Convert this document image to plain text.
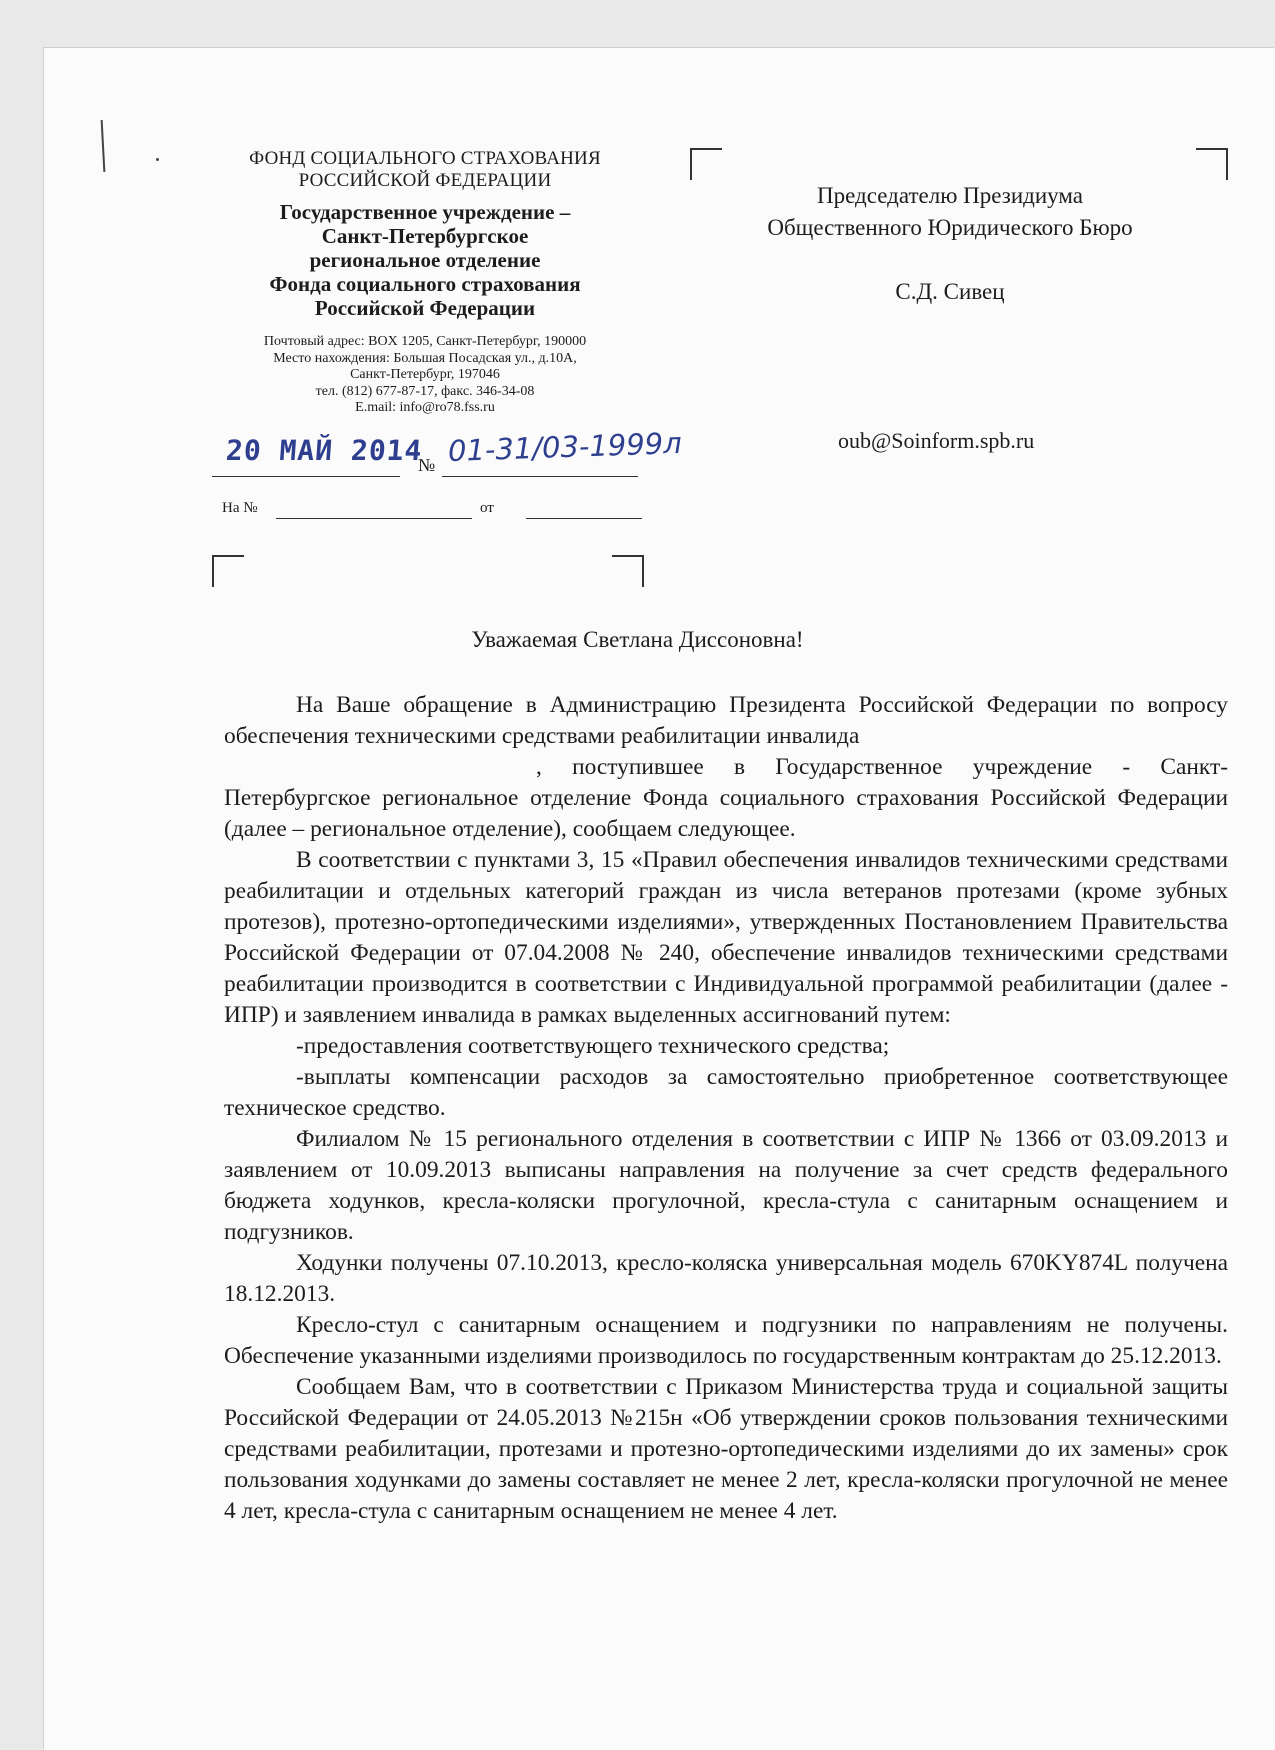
ФОНД СОЦИАЛЬНОГО СТРАХОВАНИЯ
РОССИЙСКОЙ ФЕДЕРАЦИИ
Государственное учреждение –
Санкт-Петербургское
региональное отделение
Фонда социального страхования
Российской Федерации
Почтовый адрес: BOX 1205, Санкт-Петербург, 190000
Место нахождения: Большая Посадская ул., д.10А,
Санкт-Петербург, 197046
тел. (812) 677-87-17, факс. 346-34-08
E.mail: info@ro78.fss.ru
Председателю Президиума
Общественного Юридического Бюро
С.Д. Сивец
oub@Soinform.spb.ru
20 МАЙ 2014
№ 01-31/03-1999л
На №	от
Уважаемая Светлана Диссоновна!

На Ваше обращение в Администрацию Президента Российской Федерации по вопросу обеспечения техническими средствами реабилитации инвалида

, поступившее в Государственное учреждение - Санкт-Петербургское региональное отделение Фонда социального страхования Российской Федерации (далее – региональное отделение), сообщаем следующее.

В соответствии с пунктами 3, 15 «Правил обеспечения инвалидов техническими средствами реабилитации и отдельных категорий граждан из числа ветеранов протезами (кроме зубных протезов), протезно-ортопедическими изделиями», утвержденных Постановлением Правительства Российской Федерации от 07.04.2008 № 240, обеспечение инвалидов техническими средствами реабилитации производится в соответствии с Индивидуальной программой реабилитации (далее - ИПР) и заявлением инвалида в рамках выделенных ассигнований путем:

-предоставления соответствующего технического средства;

-выплаты компенсации расходов за самостоятельно приобретенное соответствующее техническое средство.

Филиалом № 15 регионального отделения в соответствии с ИПР № 1366 от 03.09.2013 и заявлением от 10.09.2013 выписаны направления на получение за счет средств федерального бюджета ходунков, кресла-коляски прогулочной, кресла-стула с санитарным оснащением и подгузников.

Ходунки получены 07.10.2013, кресло-коляска универсальная модель 670KY874L получена 18.12.2013.

Кресло-стул с санитарным оснащением и подгузники по направлениям не получены. Обеспечение указанными изделиями производилось по государственным контрактам до 25.12.2013.

Сообщаем Вам, что в соответствии с Приказом Министерства труда и социальной защиты Российской Федерации от 24.05.2013 №215н «Об утверждении сроков пользования техническими средствами реабилитации, протезами и протезно-ортопедическими изделиями до их замены» срок пользования ходунками до замены составляет не менее 2 лет, кресла-коляски прогулочной не менее 4 лет, кресла-стула с санитарным оснащением не менее 4 лет.
